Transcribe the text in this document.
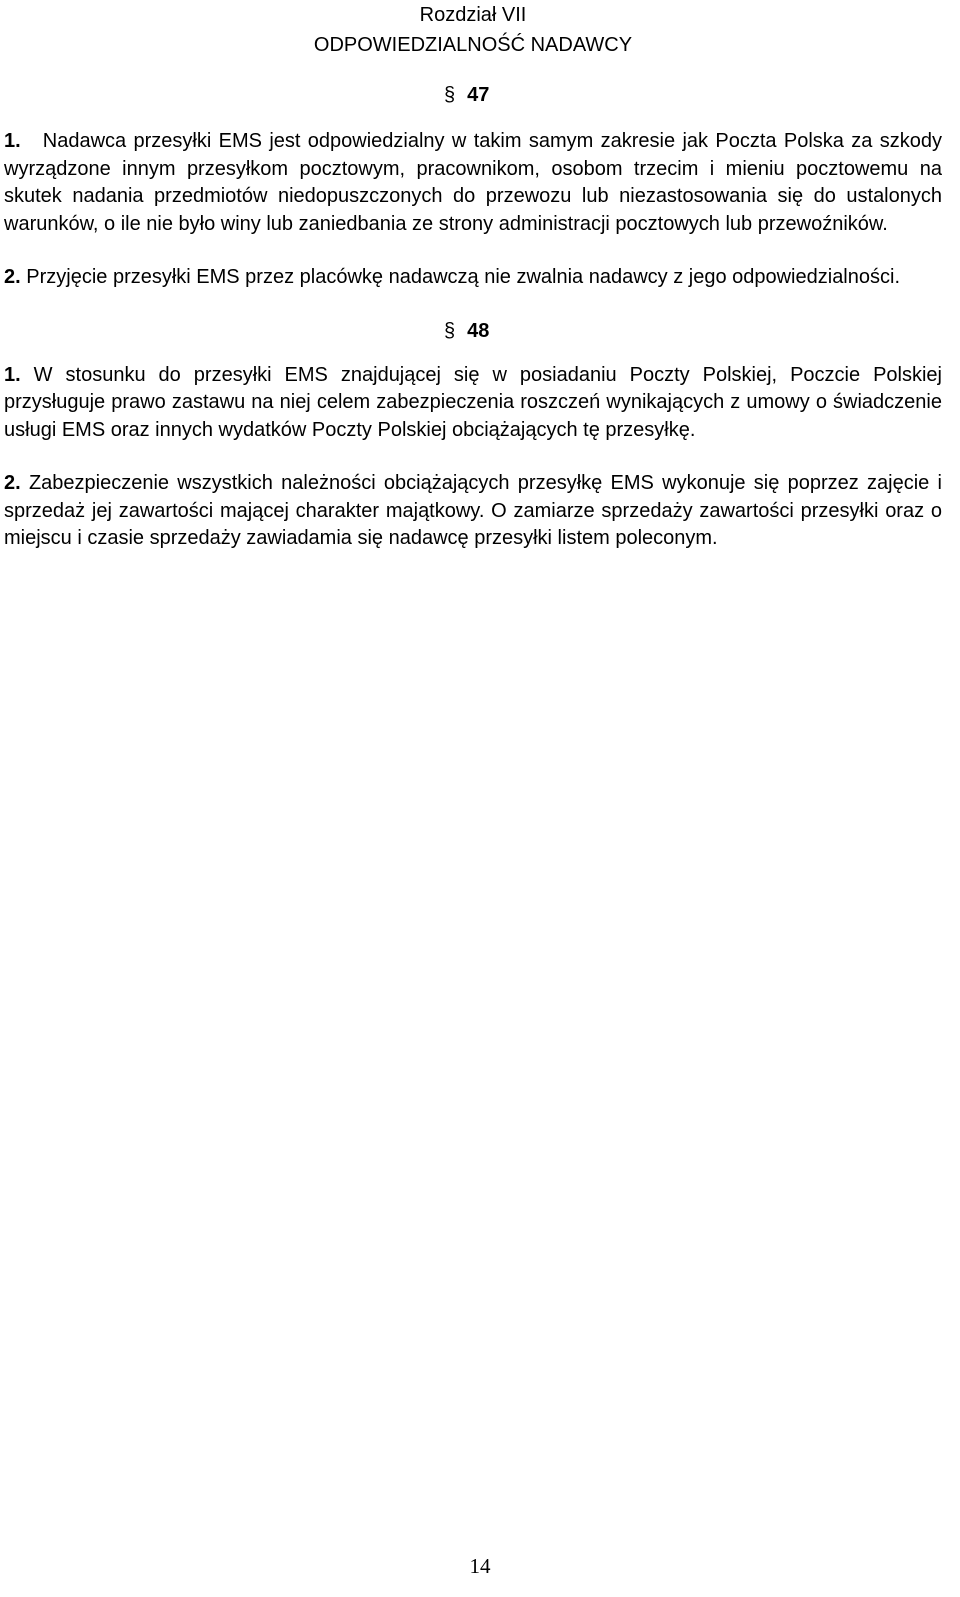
Rozdział VII
ODPOWIEDZIALNOŚĆ NADAWCY
§ 47

1. Nadawca przesyłki EMS jest odpowiedzialny w takim samym zakresie jak Poczta Polska za szkody wyrządzone innym przesyłkom pocztowym, pracownikom, osobom trzecim i mieniu pocztowemu na skutek nadania przedmiotów niedopuszczonych do przewozu lub niezastosowania się do ustalonych warunków, o ile nie było winy lub zaniedbania ze strony administracji pocztowych lub przewoźników.

2. Przyjęcie przesyłki EMS przez placówkę nadawczą nie zwalnia nadawcy z jego odpowiedzialności.

§ 48

1. W stosunku do przesyłki EMS znajdującej się w posiadaniu Poczty Polskiej, Poczcie Polskiej przysługuje prawo zastawu na niej celem zabezpieczenia roszczeń wynikających z umowy o świadczenie usługi EMS oraz innych wydatków Poczty Polskiej obciążających tę przesyłkę.

2. Zabezpieczenie wszystkich należności obciążających przesyłkę EMS wykonuje się poprzez zajęcie i sprzedaż jej zawartości mającej charakter majątkowy. O zamiarze sprzedaży zawartości przesyłki oraz o miejscu i czasie sprzedaży zawiadamia się nadawcę przesyłki listem poleconym.

14
